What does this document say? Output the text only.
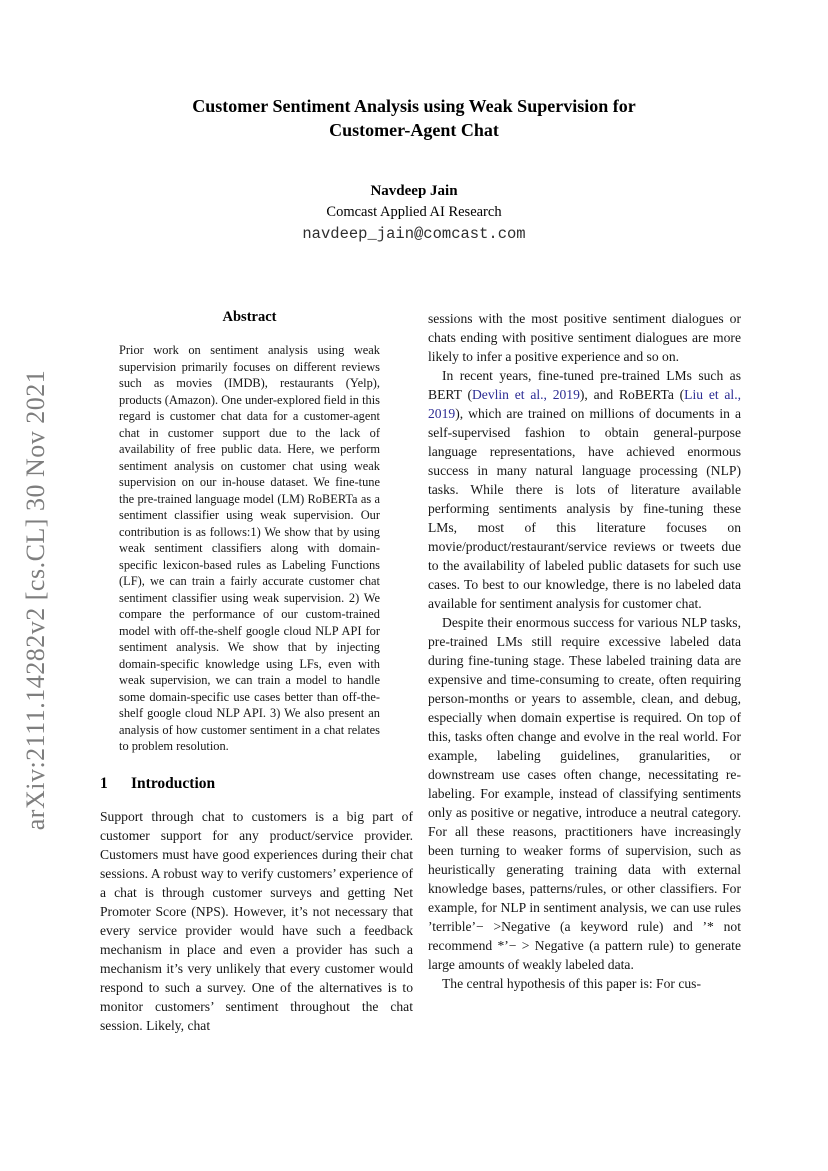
arXiv:2111.14282v2 [cs.CL] 30 Nov 2021
Customer Sentiment Analysis using Weak Supervision for
Customer-Agent Chat
Navdeep Jain
Comcast Applied AI Research
navdeep_jain@comcast.com
Abstract

Prior work on sentiment analysis using weak supervision primarily focuses on different reviews such as movies (IMDB), restaurants (Yelp), products (Amazon). One under-explored field in this regard is customer chat data for a customer-agent chat in customer support due to the lack of availability of free public data. Here, we perform sentiment analysis on customer chat using weak supervision on our in-house dataset. We fine-tune the pre-trained language model (LM) RoBERTa as a sentiment classifier using weak supervision. Our contribution is as follows:1) We show that by using weak sentiment classifiers along with domain-specific lexicon-based rules as Labeling Functions (LF), we can train a fairly accurate customer chat sentiment classifier using weak supervision. 2) We compare the performance of our custom-trained model with off-the-shelf google cloud NLP API for sentiment analysis. We show that by injecting domain-specific knowledge using LFs, even with weak supervision, we can train a model to handle some domain-specific use cases better than off-the-shelf google cloud NLP API. 3) We also present an analysis of how customer sentiment in a chat relates to problem resolution.

1	Introduction

Support through chat to customers is a big part of customer support for any product/service provider. Customers must have good experiences during their chat sessions. A robust way to verify customers’ experience of a chat is through customer surveys and getting Net Promoter Score (NPS). However, it’s not necessary that every service provider would have such a feedback mechanism in place and even a provider has such a mechanism it’s very unlikely that every customer would respond to such a survey. One of the alternatives is to monitor customers’ sentiment throughout the chat session. Likely, chat

sessions with the most positive sentiment dialogues or chats ending with positive sentiment dialogues are more likely to infer a positive experience and so on.

In recent years, fine-tuned pre-trained LMs such as BERT (Devlin et al., 2019), and RoBERTa (Liu et al., 2019), which are trained on millions of documents in a self-supervised fashion to obtain general-purpose language representations, have achieved enormous success in many natural language processing (NLP) tasks. While there is lots of literature available performing sentiments analysis by fine-tuning these LMs, most of this literature focuses on movie/product/restaurant/service reviews or tweets due to the availability of labeled public datasets for such use cases. To best to our knowledge, there is no labeled data available for sentiment analysis for customer chat.

Despite their enormous success for various NLP tasks, pre-trained LMs still require excessive labeled data during fine-tuning stage. These labeled training data are expensive and time-consuming to create, often requiring person-months or years to assemble, clean, and debug, especially when domain expertise is required. On top of this, tasks often change and evolve in the real world. For example, labeling guidelines, granularities, or downstream use cases often change, necessitating re-labeling. For example, instead of classifying sentiments only as positive or negative, introduce a neutral category. For all these reasons, practitioners have increasingly been turning to weaker forms of supervision, such as heuristically generating training data with external knowledge bases, patterns/rules, or other classifiers. For example, for NLP in sentiment analysis, we can use rules ’terrible’− >Negative (a keyword rule) and ’* not recommend *’− > Negative (a pattern rule) to generate large amounts of weakly labeled data.

The central hypothesis of this paper is: For cus-
